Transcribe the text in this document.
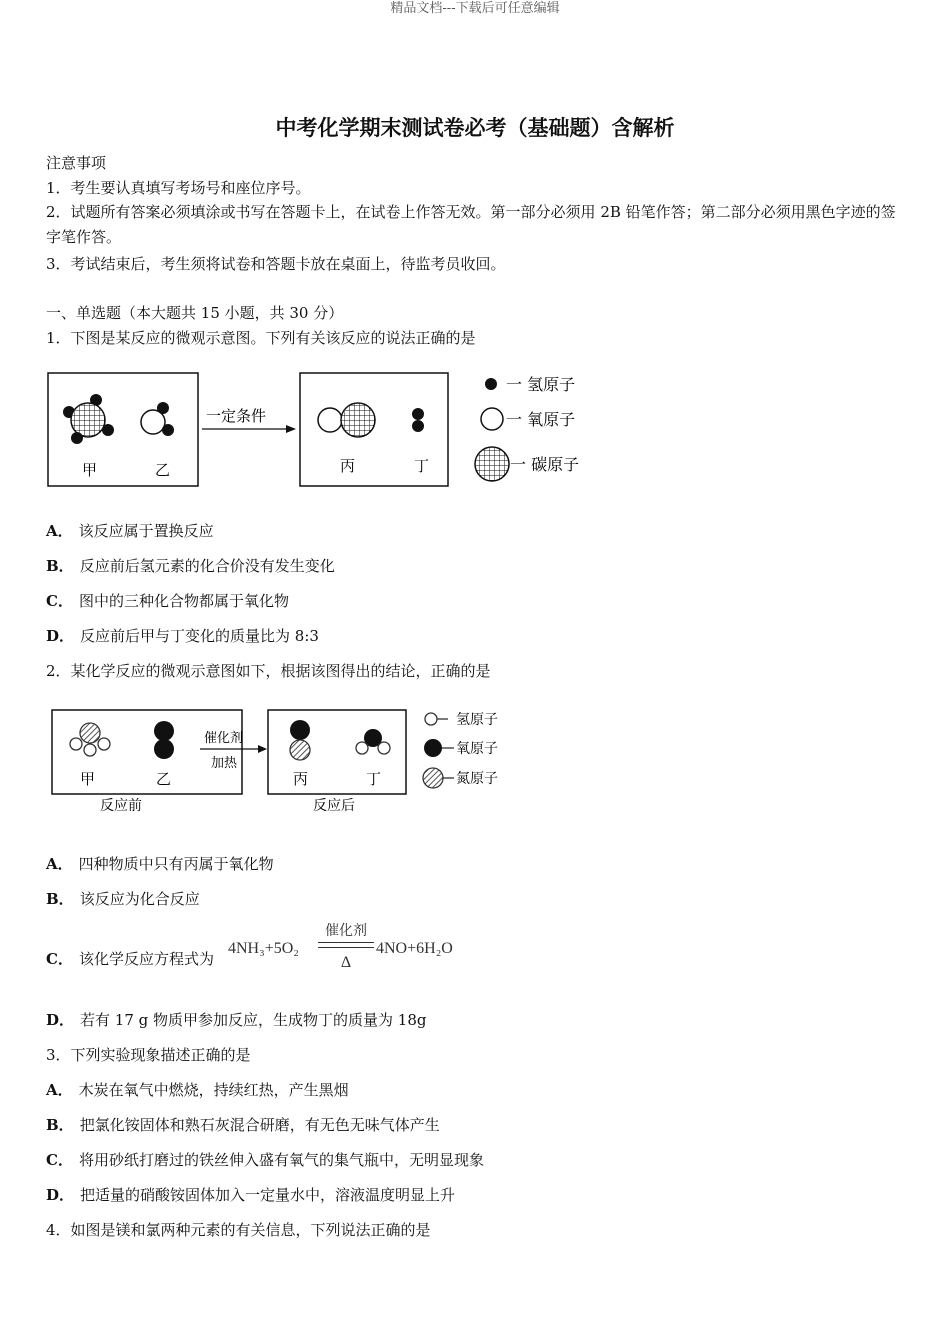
精品文档---下载后可任意编辑
中考化学期末测试卷必考（基础题）含解析
注意事项
1．考生要认真填写考场号和座位序号。
2．试题所有答案必须填涂或书写在答题卡上，在试卷上作答无效。第一部分必须用 2B 铅笔作答；第二部分必须用黑色字迹的签字笔作答。
3．考试结束后，考生须将试卷和答题卡放在桌面上，待监考员收回。
一、单选题（本大题共 15 小题，共 30 分）
1．下图是某反应的微观示意图。下列有关该反应的说法正确的是
甲	乙
一定条件
丙	丁
一 氢原子
一 氧原子
一 碳原子
A． 该反应属于置换反应
B． 反应前后氢元素的化合价没有发生变化
C． 图中的三种化合物都属于氧化物
D． 反应前后甲与丁变化的质量比为 8:3
2．某化学反应的微观示意图如下，根据该图得出的结论，正确的是
甲	乙
催化剂
加热
丙	丁
反应前	反应后
氢原子
氧原子
氮原子
A． 四种物质中只有丙属于氧化物
B． 该反应为化合反应
C． 该化学反应方程式为
4NH₃+5O₂
催化剂
Δ
4NO+6H₂O
D． 若有 17 g 物质甲参加反应，生成物丁的质量为 18g
3．下列实验现象描述正确的是
A． 木炭在氧气中燃烧，持续红热，产生黑烟
B． 把氯化铵固体和熟石灰混合研磨，有无色无味气体产生
C． 将用砂纸打磨过的铁丝伸入盛有氧气的集气瓶中，无明显现象
D． 把适量的硝酸铵固体加入一定量水中，溶液温度明显上升
4．如图是镁和氯两种元素的有关信息，下列说法正确的是
